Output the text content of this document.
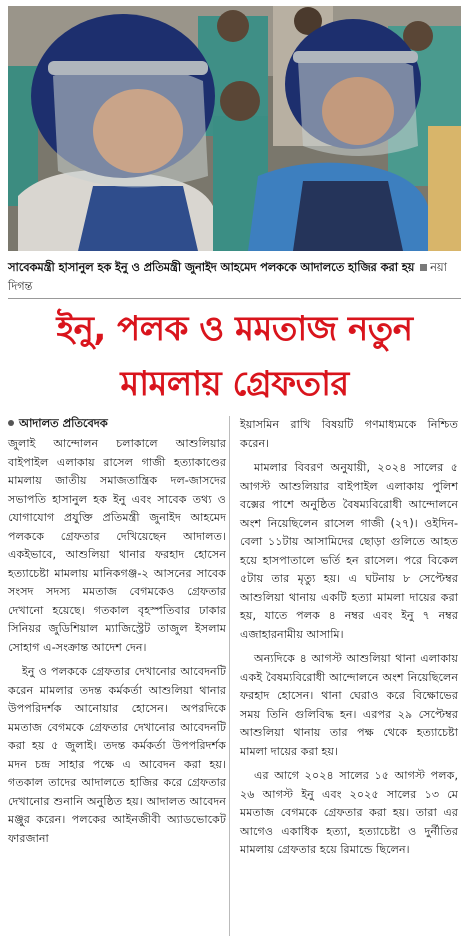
সাবেকমন্ত্রী হাসানুল হক ইনু ও প্রতিমন্ত্রী জুনাইদ আহমেদ পলককে আদালতে হাজির করা হয় নয়া দিগন্ত
ইনু, পলক ও মমতাজ নতুন
মামলায় গ্রেফতার
আদালত প্রতিবেদক

জুলাই আন্দোলন চলাকালে আশুলিয়ার বাইপাইল এলাকায় রাসেল গাজী হত্যাকাণ্ডের মামলায় জাতীয় সমাজতান্ত্রিক দল-জাসদের সভাপতি হাসানুল হক ইনু এবং সাবেক তথ্য ও যোগাযোগ প্রযুক্তি প্রতিমন্ত্রী জুনাইদ আহমেদ পলককে গ্রেফতার দেখিয়েছেন আদালত। একইভাবে, আশুলিয়া থানার ফরহাদ হোসেন হত্যাচেষ্টা মামলায় মানিকগঞ্জ-২ আসনের সাবেক সংসদ সদস্য মমতাজ বেগমকেও গ্রেফতার দেখানো হয়েছে। গতকাল বৃহস্পতিবার ঢাকার সিনিয়র জুডিশিয়াল ম্যাজিস্ট্রেট তাজুল ইসলাম সোহাগ এ-সংক্রান্ত আদেশ দেন।

ইনু ও পলককে গ্রেফতার দেখানোর আবেদনটি করেন মামলার তদন্ত কর্মকর্তা আশুলিয়া থানার উপপরিদর্শক আনোয়ার হোসেন। অপরদিকে মমতাজ বেগমকে গ্রেফতার দেখানোর আবেদনটি করা হয় ৫ জুলাই। তদন্ত কর্মকর্তা উপপরিদর্শক মদন চন্দ্র সাহার পক্ষে এ আবেদন করা হয়। গতকাল তাদের আদালতে হাজির করে গ্রেফতার দেখানোর শুনানি অনুষ্ঠিত হয়। আদালত আবেদন মঞ্জুর করেন। পলকের আইনজীবী অ্যাডভোকেট ফারজানা

ইয়াসমিন রাখি বিষয়টি গণমাধ্যমকে নিশ্চিত করেন।

মামলার বিবরণ অনুযায়ী, ২০২৪ সালের ৫ আগস্ট আশুলিয়ার বাইপাইল এলাকায় পুলিশ বক্সের পাশে অনুষ্ঠিত বৈষম্যবিরোধী আন্দোলনে অংশ নিয়েছিলেন রাসেল গাজী (২৭)। ওইদিন-বেলা ১১টায় আসামিদের ছোড়া গুলিতে আহত হয়ে হাসপাতালে ভর্তি হন রাসেল। পরে বিকেল ৫টায় তার মৃত্যু হয়। এ ঘটনায় ৮ সেপ্টেম্বর আশুলিয়া থানায় একটি হত্যা মামলা দায়ের করা হয়, যাতে পলক ৪ নম্বর এবং ইনু ৭ নম্বর এজাহারনামীয় আসামি।

অন্যদিকে ৪ আগস্ট আশুলিয়া থানা এলাকায় একই বৈষম্যবিরোধী আন্দোলনে অংশ নিয়েছিলেন ফরহাদ হোসেন। থানা ঘেরাও করে বিক্ষোভের সময় তিনি গুলিবিদ্ধ হন। এরপর ২৯ সেপ্টেম্বর আশুলিয়া থানায় তার পক্ষ থেকে হত্যাচেষ্টা মামলা দায়ের করা হয়।

এর আগে ২০২৪ সালের ১৫ আগস্ট পলক, ২৬ আগস্ট ইনু এবং ২০২৫ সালের ১৩ মে মমতাজ বেগমকে গ্রেফতার করা হয়। তারা এর আগেও একাধিক হত্যা, হত্যাচেষ্টা ও দুর্নীতির মামলায় গ্রেফতার হয়ে রিমান্ডে ছিলেন।
